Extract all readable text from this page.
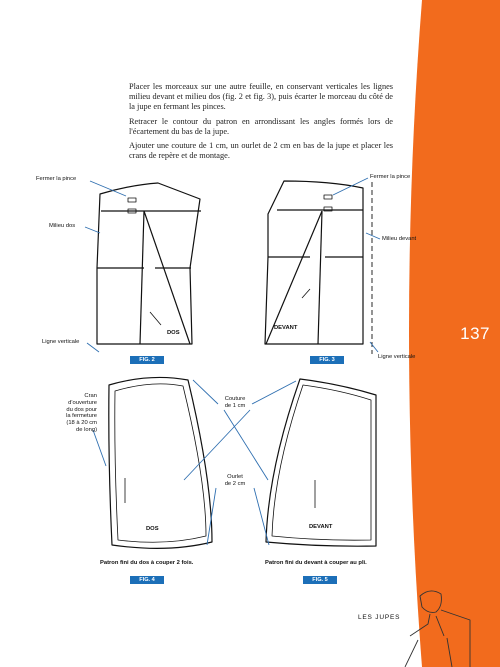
137

Placer les morceaux sur une autre feuille, en conservant verticales les lignes milieu devant et milieu dos (fig. 2 et fig. 3), puis écarter le morceau du côté de la jupe en fermant les pinces.

Retracer le contour du patron en arrondissant les angles formés lors de l'écartement du bas de la jupe.

Ajouter une couture de 1 cm, un ourlet de 2 cm en bas de la jupe et placer les crans de repère et de montage.

Fermer la pince
Milieu dos
Ligne verticale
DOS
FIG. 2
Fermer la pince
Milieu devant
Ligne verticale
DEVANT
FIG. 3
Cran
d'ouverture
du dos pour
la fermeture
(18 à 20 cm
de long)
DOS
Patron fini du dos à couper 2 fois.
FIG. 4
Couture
de 1 cm
Ourlet
de 2 cm
DEVANT
Patron fini du devant à couper au pli.
FIG. 5
LES JUPES
